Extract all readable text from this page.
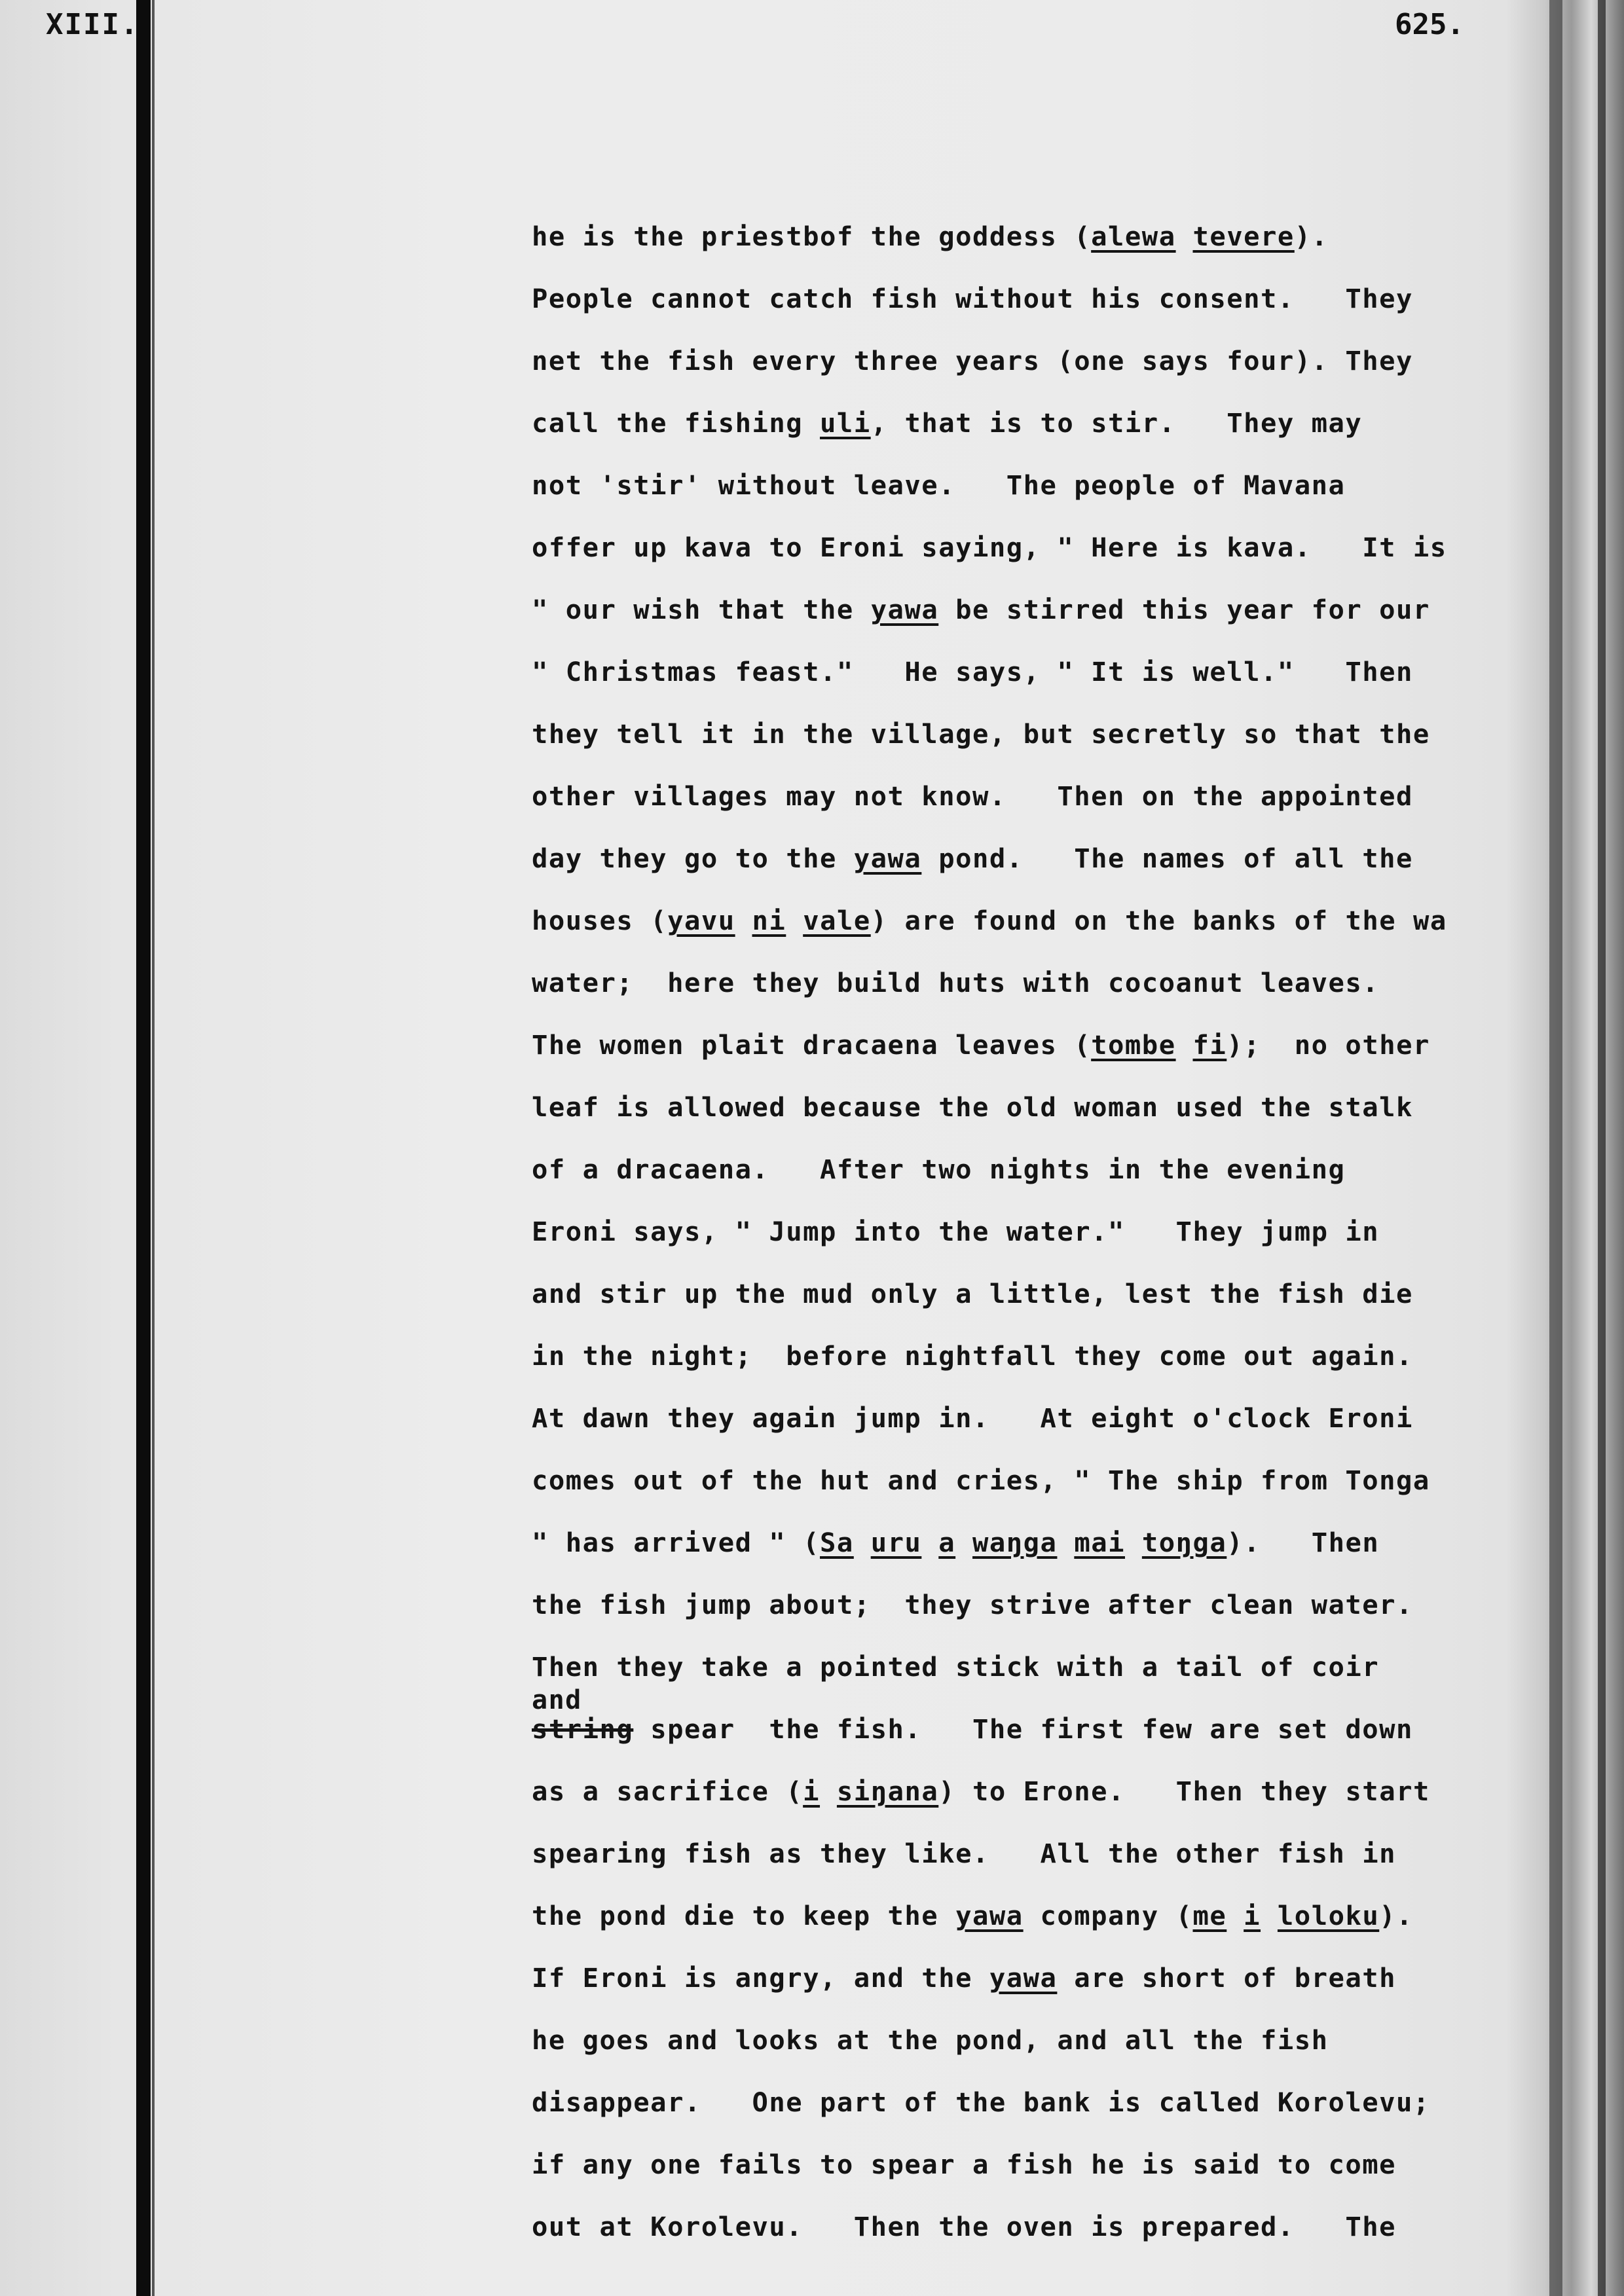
XIII.	625.
he is the priestbof the goddess (alewa tevere).
People cannot catch fish without his consent.   They
net the fish every three years (one says four). They
call the fishing uli, that is to stir.   They may
not 'stir' without leave.   The people of Mavana
offer up kava to Eroni saying, " Here is kava.   It is
" our wish that the yawa be stirred this year for our
" Christmas feast."   He says, " It is well."   Then
they tell it in the village, but secretly so that the
other villages may not know.   Then on the appointed
day they go to the yawa pond.   The names of all the
houses (yavu ni vale) are found on the banks of the wa
water;  here they build huts with cocoanut leaves.
The women plait dracaena leaves (tombe fi);  no other
leaf is allowed because the old woman used the stalk
of a dracaena.   After two nights in the evening
Eroni says, " Jump into the water."   They jump in
and stir up the mud only a little, lest the fish die
in the night;  before nightfall they come out again.
At dawn they again jump in.   At eight o'clock Eroni
comes out of the hut and cries, " The ship from Tonga
" has arrived " (Sa uru a waŋga mai toŋga).   Then
the fish jump about;  they strive after clean water.
Then they take a pointed stick with a tail of coir
and
string spear  the fish.   The first few are set down
as a sacrifice (i siŋana) to Erone.   Then they start
spearing fish as they like.   All the other fish in
the pond die to keep the yawa company (me i loloku).
If Eroni is angry, and the yawa are short of breath
he goes and looks at the pond, and all the fish
disappear.   One part of the bank is called Korolevu;
if any one fails to spear a fish he is said to come
out at Korolevu.   Then the oven is prepared.   The
